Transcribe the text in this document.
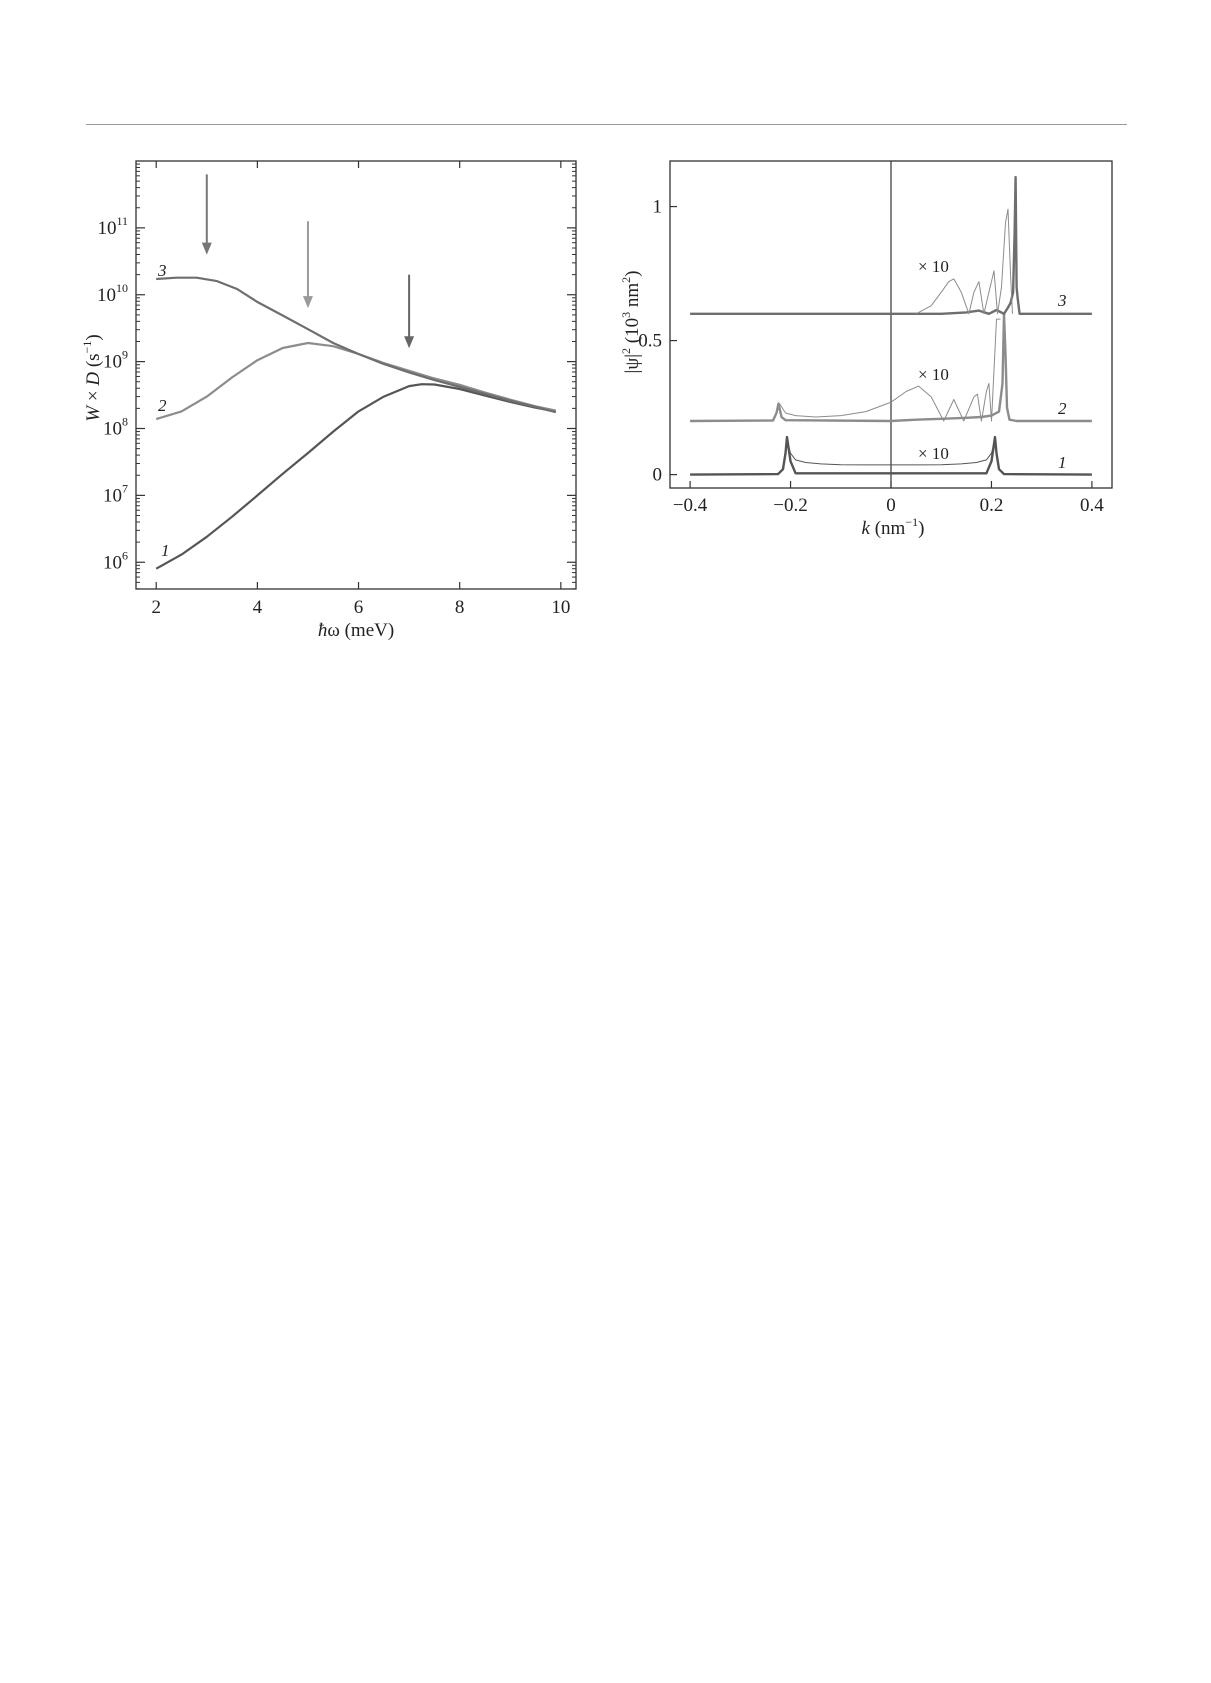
2	4	6	8	10
$10^6$
$10^7$
$10^8$
$10^9$
$10^{10}$
$10^{11}$
3
2
1
ħω (meV)
W × D $(s^{-1})$
−0.4	−0.2	0	0.2	0.4
0
0.5
1
× 10
× 10
× 10
3
2
1
k $(nm^{-1})$
$|\psi|^2$ ($10^3$ $nm^2$)
